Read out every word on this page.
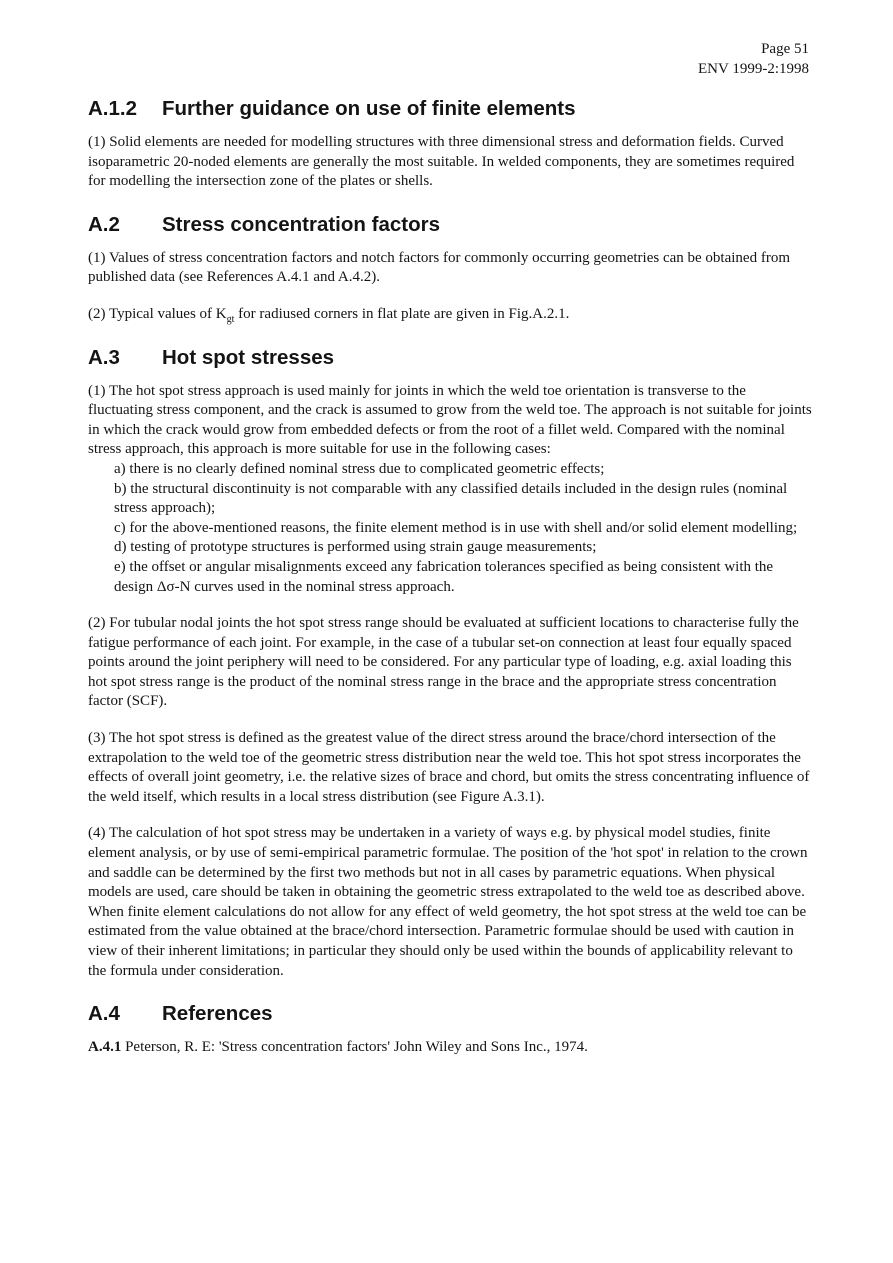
Page 51
ENV 1999-2:1998
A.1.2	Further guidance on use of finite elements

(1) Solid elements are needed for modelling structures with three dimensional stress and deformation fields. Curved isoparametric 20-noded elements are generally the most suitable. In welded components, they are sometimes required for modelling the intersection zone of the plates or shells.

A.2	Stress concentration factors

(1) Values of stress concentration factors and notch factors for commonly occurring geometries can be obtained from published data (see References A.4.1 and A.4.2).

(2) Typical values of $K_{gt}$ for radiused corners in flat plate are given in Fig.A.2.1.

A.3	Hot spot stresses

(1) The hot spot stress approach is used mainly for joints in which the weld toe orientation is transverse to the fluctuating stress component, and the crack is assumed to grow from the weld toe. The approach is not suitable for joints in which the crack would grow from embedded defects or from the root of a fillet weld. Compared with the nominal stress approach, this approach is more suitable for use in the following cases:

a) there is no clearly defined nominal stress due to complicated geometric effects;
b) the structural discontinuity is not comparable with any classified details included in the design rules (nominal stress approach);
c) for the above-mentioned reasons, the finite element method is in use with shell and/or solid element modelling;
d) testing of prototype structures is performed using strain gauge measurements;
e) the offset or angular misalignments exceed any fabrication tolerances specified as being consistent with the design Δσ-N curves used in the nominal stress approach.

(2) For tubular nodal joints the hot spot stress range should be evaluated at sufficient locations to characterise fully the fatigue performance of each joint. For example, in the case of a tubular set-on connection at least four equally spaced points around the joint periphery will need to be considered. For any particular type of loading, e.g. axial loading this hot spot stress range is the product of the nominal stress range in the brace and the appropriate stress concentration factor (SCF).

(3) The hot spot stress is defined as the greatest value of the direct stress around the brace/chord intersection of the extrapolation to the weld toe of the geometric stress distribution near the weld toe. This hot spot stress incorporates the effects of overall joint geometry, i.e. the relative sizes of brace and chord, but omits the stress concentrating influence of the weld itself, which results in a local stress distribution (see Figure A.3.1).

(4) The calculation of hot spot stress may be undertaken in a variety of ways e.g. by physical model studies, finite element analysis, or by use of semi-empirical parametric formulae. The position of the 'hot spot' in relation to the crown and saddle can be determined by the first two methods but not in all cases by parametric equations. When physical models are used, care should be taken in obtaining the geometric stress extrapolated to the weld toe as described above. When finite element calculations do not allow for any effect of weld geometry, the hot spot stress at the weld toe can be estimated from the value obtained at the brace/chord intersection. Parametric formulae should be used with caution in view of their inherent limitations; in particular they should only be used within the bounds of applicability relevant to the formula under consideration.

A.4	References

A.4.1 Peterson, R. E: 'Stress concentration factors' John Wiley and Sons Inc., 1974.
